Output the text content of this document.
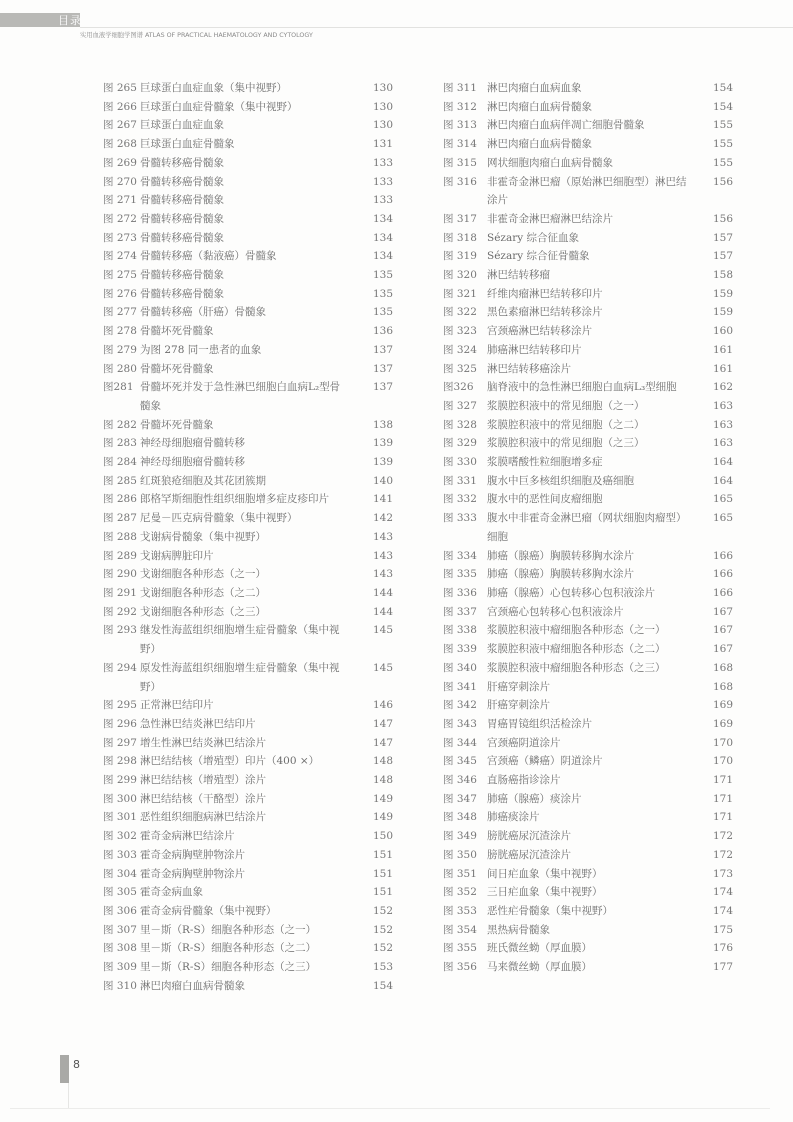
目录
实用血液学细胞学图谱 ATLAS OF PRACTICAL HAEMATOLOGY AND CYTOLOGY
图 265 巨球蛋白血症血象（集中视野）	130
图 266 巨球蛋白血症骨髓象（集中视野）	130
图 267 巨球蛋白血症血象	130
图 268 巨球蛋白血症骨髓象	131
图 269 骨髓转移癌骨髓象	133
图 270 骨髓转移癌骨髓象	133
图 271 骨髓转移癌骨髓象	133
图 272 骨髓转移癌骨髓象	134
图 273 骨髓转移癌骨髓象	134
图 274 骨髓转移癌（黏液癌）骨髓象	134
图 275 骨髓转移癌骨髓象	135
图 276 骨髓转移癌骨髓象	135
图 277 骨髓转移癌（肝癌）骨髓象	135
图 278 骨髓坏死骨髓象	136
图 279 为图 278 同一患者的血象	137
图 280 骨髓坏死骨髓象	137
图281 骨髓坏死并发于急性淋巴细胞白血病L₂型骨髓象
137
图 282 骨髓坏死骨髓象	138
图 283 神经母细胞瘤骨髓转移	139
图 284 神经母细胞瘤骨髓转移	139
图 285 红斑狼疮细胞及其花团簇期	140
图 286 郎格罕斯细胞性组织细胞增多症皮疹印片	141
图 287 尼曼－匹克病骨髓象（集中视野）	142
图 288 戈谢病骨髓象（集中视野）	143
图 289 戈谢病脾脏印片	143
图 290 戈谢细胞各种形态（之一）	143
图 291 戈谢细胞各种形态（之二）	144
图 292 戈谢细胞各种形态（之三）	144
图 293 继发性海蓝组织细胞增生症骨髓象（集中视野）
145
图 294 原发性海蓝组织细胞增生症骨髓象（集中视野）
145
图 295 正常淋巴结印片	146
图 296 急性淋巴结炎淋巴结印片	147
图 297 增生性淋巴结炎淋巴结涂片	147
图 298 淋巴结结核（增殖型）印片（400 ×）	148
图 299 淋巴结结核（增殖型）涂片	148
图 300 淋巴结结核（干酪型）涂片	149
图 301 恶性组织细胞病淋巴结涂片	149
图 302 霍奇金病淋巴结涂片	150
图 303 霍奇金病胸壁肿物涂片	151
图 304 霍奇金病胸壁肿物涂片	151
图 305 霍奇金病血象	151
图 306 霍奇金病骨髓象（集中视野）	152
图 307 里－斯（R-S）细胞各种形态（之一）	152
图 308 里－斯（R-S）细胞各种形态（之二）	152
图 309 里－斯（R-S）细胞各种形态（之三）	153
图 310 淋巴肉瘤白血病骨髓象	154
图 311 淋巴肉瘤白血病血象	154
图 312 淋巴肉瘤白血病骨髓象	154
图 313 淋巴肉瘤白血病伴凋亡细胞骨髓象	155
图 314 淋巴肉瘤白血病骨髓象	155
图 315 网状细胞肉瘤白血病骨髓象	155
图 316 非霍奇金淋巴瘤（原始淋巴细胞型）淋巴结涂片
156
图 317 非霍奇金淋巴瘤淋巴结涂片	156
图 318 Sézary 综合征血象	157
图 319 Sézary 综合征骨髓象	157
图 320 淋巴结转移瘤	158
图 321 纤维肉瘤淋巴结转移印片	159
图 322 黑色素瘤淋巴结转移涂片	159
图 323 宫颈癌淋巴结转移涂片	160
图 324 肺癌淋巴结转移印片	161
图 325 淋巴结转移癌涂片	161
图326	脑脊液中的急性淋巴细胞白血病L₃型细胞	162
图 327 浆膜腔积液中的常见细胞（之一）	163
图 328 浆膜腔积液中的常见细胞（之二）	163
图 329 浆膜腔积液中的常见细胞（之三）	163
图 330 浆膜嗜酸性粒细胞增多症	164
图 331 腹水中巨多核组织细胞及癌细胞	164
图 332 腹水中的恶性间皮瘤细胞	165
图 333 腹水中非霍奇金淋巴瘤（网状细胞肉瘤型）细胞
165
图 334 肺癌（腺癌）胸膜转移胸水涂片	166
图 335 肺癌（腺癌）胸膜转移胸水涂片	166
图 336 肺癌（腺癌）心包转移心包积液涂片	166
图 337 宫颈癌心包转移心包积液涂片	167
图 338 浆膜腔积液中瘤细胞各种形态（之一）	167
图 339 浆膜腔积液中瘤细胞各种形态（之二）	167
图 340 浆膜腔积液中瘤细胞各种形态（之三）	168
图 341 肝癌穿刺涂片	168
图 342 肝癌穿刺涂片	169
图 343 胃癌胃镜组织活检涂片	169
图 344 宫颈癌阴道涂片	170
图 345 宫颈癌（鳞癌）阴道涂片	170
图 346 直肠癌指诊涂片	171
图 347 肺癌（腺癌）痰涂片	171
图 348 肺癌痰涂片	171
图 349 膀胱癌尿沉渣涂片	172
图 350 膀胱癌尿沉渣涂片	172
图 351 间日疟血象（集中视野）	173
图 352 三日疟血象（集中视野）	174
图 353 恶性疟骨髓象（集中视野）	174
图 354 黑热病骨髓象	175
图 355 班氏微丝蚴（厚血膜）	176
图 356 马来微丝蚴（厚血膜）	177
8
